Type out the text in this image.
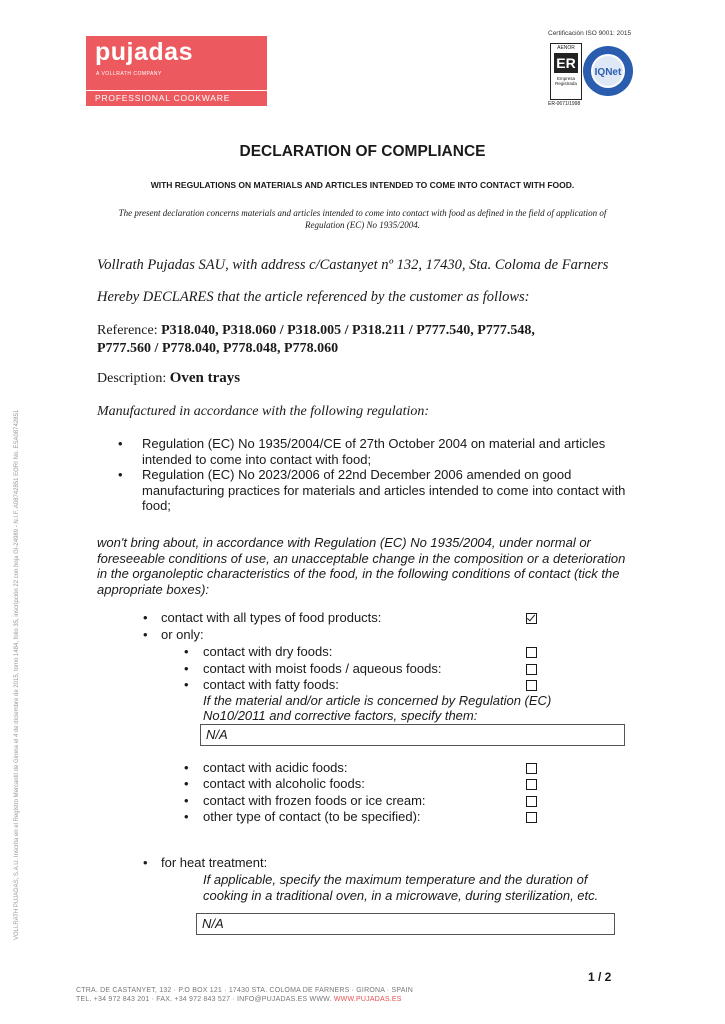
pujadas
A VOLLRATH COMPANY
PROFESSIONAL COOKWARE
Certificación ISO 9001: 2015
AENOR
ER
Empresa Registrada
ER-0671/1998
IQNet
DECLARATION OF COMPLIANCE
WITH REGULATIONS ON MATERIALS AND ARTICLES INTENDED TO COME INTO CONTACT WITH FOOD.
The present declaration concerns materials and articles intended to come into contact with food as defined in the field of application of Regulation (EC) No 1935/2004.
Vollrath Pujadas SAU, with address c/Castanyet nº 132, 17430, Sta. Coloma de Farners
Hereby DECLARES that the article referenced by the customer as follows:
Reference: P318.040, P318.060 / P318.005 / P318.211 / P777.540, P777.548,
P777.560 / P778.040, P778.048, P778.060
Description: Oven trays
Manufactured in accordance with the following regulation:
• Regulation (EC) No 1935/2004/CE of 27th October 2004 on material and articles intended to come into contact with food;
• Regulation (EC) No 2023/2006 of 22nd December 2006 amended on good manufacturing practices for materials and articles intended to come into contact with food;
won't bring about, in accordance with Regulation (EC) No 1935/2004, under normal or foreseeable conditions of use, an unacceptable change in the composition or a deterioration in the organoleptic characteristics of the food, in the following conditions of contact (tick the appropriate boxes):
• contact with all types of food products:
• or only:
• contact with dry foods:
• contact with moist foods / aqueous foods:
• contact with fatty foods:
If the material and/or article is concerned by Regulation (EC) No10/2011 and corrective factors, specify them:
N/A
• contact with acidic foods:
• contact with alcoholic foods:
• contact with frozen foods or ice cream:
• other type of contact (to be specified):
• for heat treatment:
If applicable, specify the maximum temperature and the duration of cooking in a traditional oven, in a microwave, during sterilization, etc.
N/A
1 / 2
CTRA. DE CASTANYET, 132 · P.O BOX 121 · 17430 STA. COLOMA DE FARNERS · GIRONA · SPAIN
TEL. +34 972 843 201 · FAX. +34 972 843 527 · INFO@PUJADAS.ES WWW. WWW.PUJADAS.ES
VOLLRATH PUJADAS, S.A.U. Inscrita en el Registro Mercantil de Girona el 4 de diciembre de 2015, tomo 1484, folio 35, inscripción 22 con hoja GI-24989 - N.I.F. A08742851 EORI No. ESA08742851
